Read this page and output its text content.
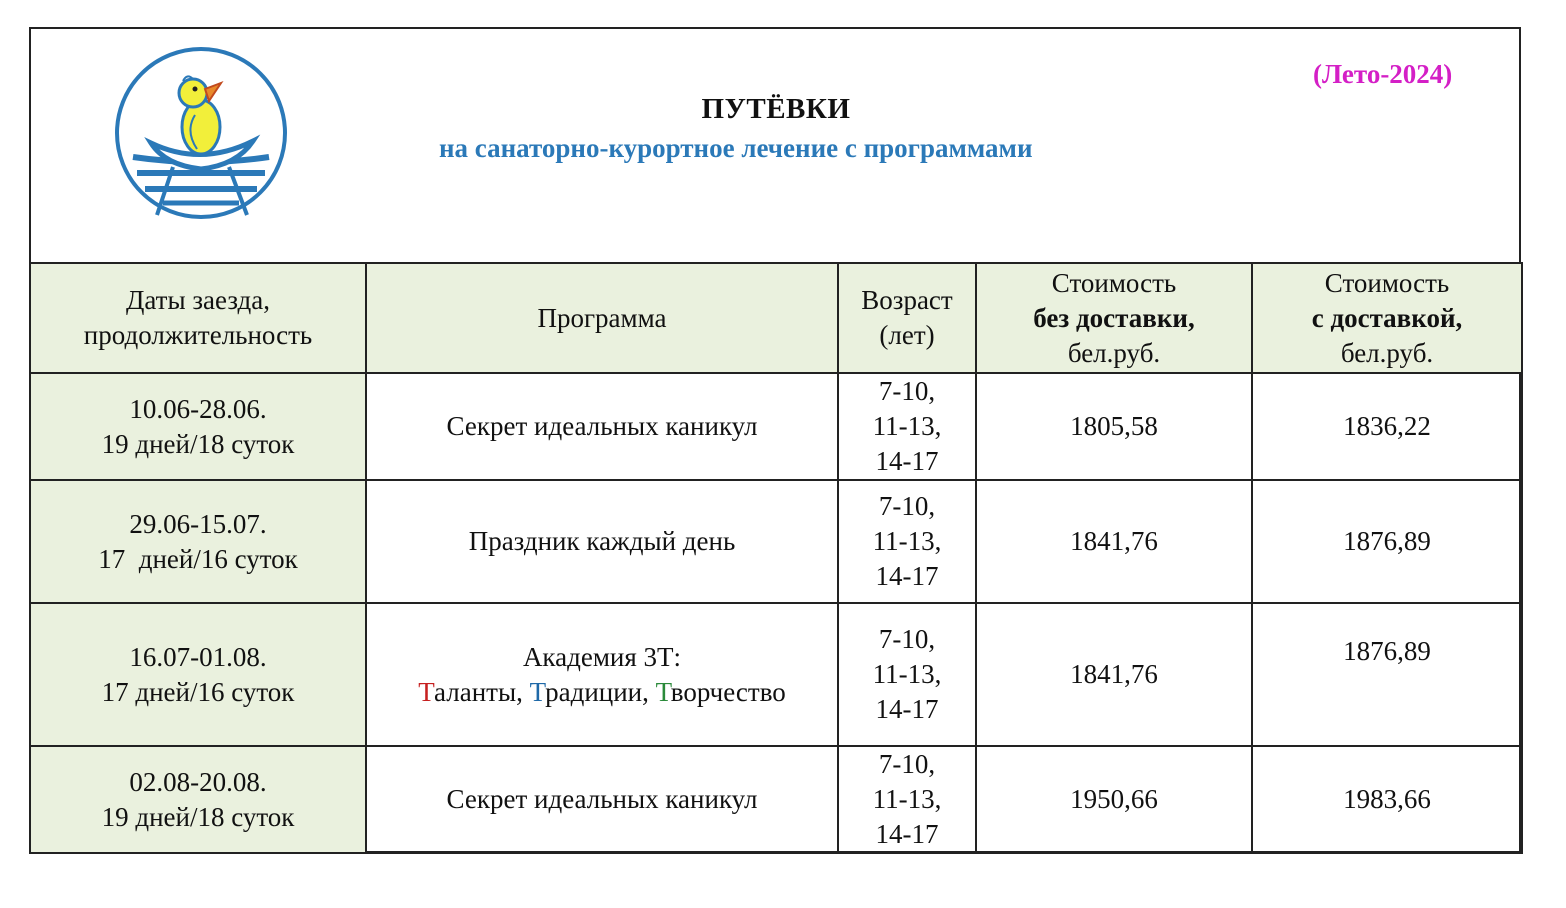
ПУТЁВКИ
на санаторно-курортное лечение с программами
(Лето-2024)
Даты заезда,
продолжительность	Программа	Возраст
(лет)	Стоимость
без доставки,
бел.руб.	Стоимость
с доставкой,
бел.руб.

10.06-28.06.
19 дней/18 суток	Секрет идеальных каникул	7-10,
11-13,
14-17	1805,58	1836,22

29.06-15.07.
17  дней/16 суток	Праздник каждый день	7-10,
11-13,
14-17	1841,76	1876,89

16.07-01.08.
17 дней/16 суток	Академия 3Т:
Таланты, Традиции, Творчество	7-10,
11-13,
14-17	1841,76	1876,89

02.08-20.08.
19 дней/18 суток	Секрет идеальных каникул	7-10,
11-13,
14-17	1950,66	1983,66
